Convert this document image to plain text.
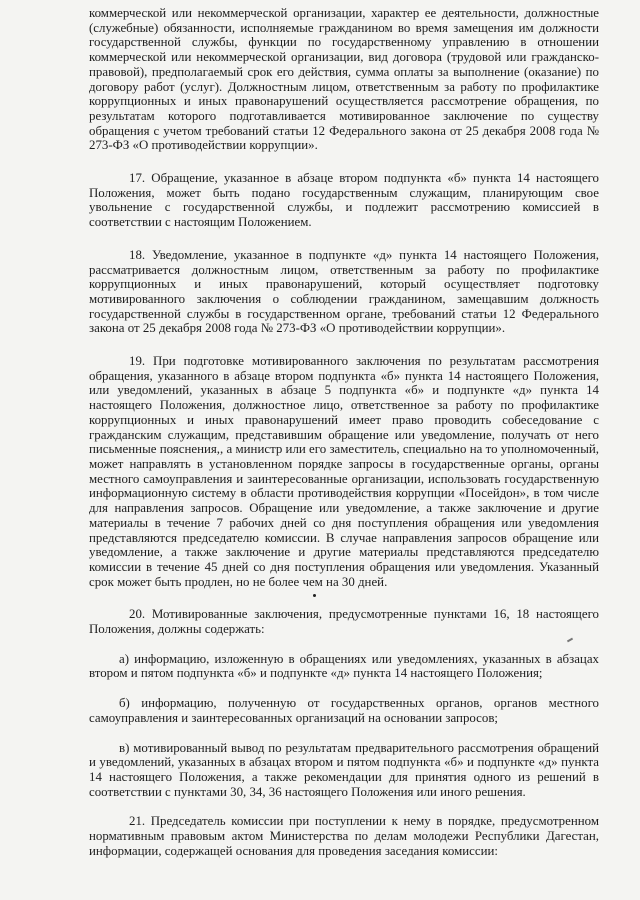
коммерческой или некоммерческой организации, характер ее деятельности, должностные (служебные) обязанности, исполняемые гражданином во время замещения им должности государственной службы, функции по государственному управлению в отношении коммерческой или некоммерческой организации, вид договора (трудовой или гражданско-правовой), предполагаемый срок его действия, сумма оплаты за выполнение (оказание) по договору работ (услуг). Должностным лицом, ответственным за работу по профилактике коррупционных и иных правонарушений осуществляется рассмотрение обращения, по результатам которого подготавливается мотивированное заключение по существу обращения с учетом требований статьи 12 Федерального закона от 25 декабря 2008 года № 273-ФЗ «О противодействии коррупции».

17. Обращение, указанное в абзаце втором подпункта «б» пункта 14 настоящего Положения, может быть подано государственным служащим, планирующим свое увольнение с государственной службы, и подлежит рассмотрению комиссией в соответствии с настоящим Положением.

18. Уведомление, указанное в подпункте «д» пункта 14 настоящего Положения, рассматривается должностным лицом, ответственным за работу по профилактике коррупционных и иных правонарушений, который осуществляет подготовку мотивированного заключения о соблюдении гражданином, замещавшим должность государственной службы в государственном органе, требований статьи 12 Федерального закона от 25 декабря 2008 года № 273-ФЗ «О противодействии коррупции».

19. При подготовке мотивированного заключения по результатам рассмотрения обращения, указанного в абзаце втором подпункта «б» пункта 14 настоящего Положения, или уведомлений, указанных в абзаце 5 подпункта «б» и подпункте «д» пункта 14 настоящего Положения, должностное лицо, ответственное за работу по профилактике коррупционных и иных правонарушений имеет право проводить собеседование с гражданским служащим, представившим обращение или уведомление, получать от него письменные пояснения,, а министр или его заместитель, специально на то уполномоченный, может направлять в установленном порядке запросы в государственные органы, органы местного самоуправления и заинтересованные организации, использовать государственную информационную систему в области противодействия коррупции «Посейдон», в том числе для направления запросов. Обращение или уведомление, а также заключение и другие материалы в течение 7 рабочих дней со дня поступления обращения или уведомления представляются председателю комиссии. В случае направления запросов обращение или уведомление, а также заключение и другие материалы представляются председателю комиссии в течение 45 дней со дня поступления обращения или уведомления. Указанный срок может быть продлен, но не более чем на 30 дней.

20. Мотивированные заключения, предусмотренные пунктами 16, 18 настоящего Положения, должны содержать:

а) информацию, изложенную в обращениях или уведомлениях, указанных в абзацах втором и пятом подпункта «б» и подпункте «д» пункта 14 настоящего Положения;

б) информацию, полученную от государственных органов, органов местного самоуправления и заинтересованных организаций на основании запросов;

в) мотивированный вывод по результатам предварительного рассмотрения обращений и уведомлений, указанных в абзацах втором и пятом подпункта «б» и подпункте «д» пункта 14 настоящего Положения, а также рекомендации для принятия одного из решений в соответствии с пунктами 30, 34, 36 настоящего Положения или иного решения.

21. Председатель комиссии при поступлении к нему в порядке, предусмотренном нормативным правовым актом Министерства по делам молодежи Республики Дагестан, информации, содержащей основания для проведения заседания комиссии:
